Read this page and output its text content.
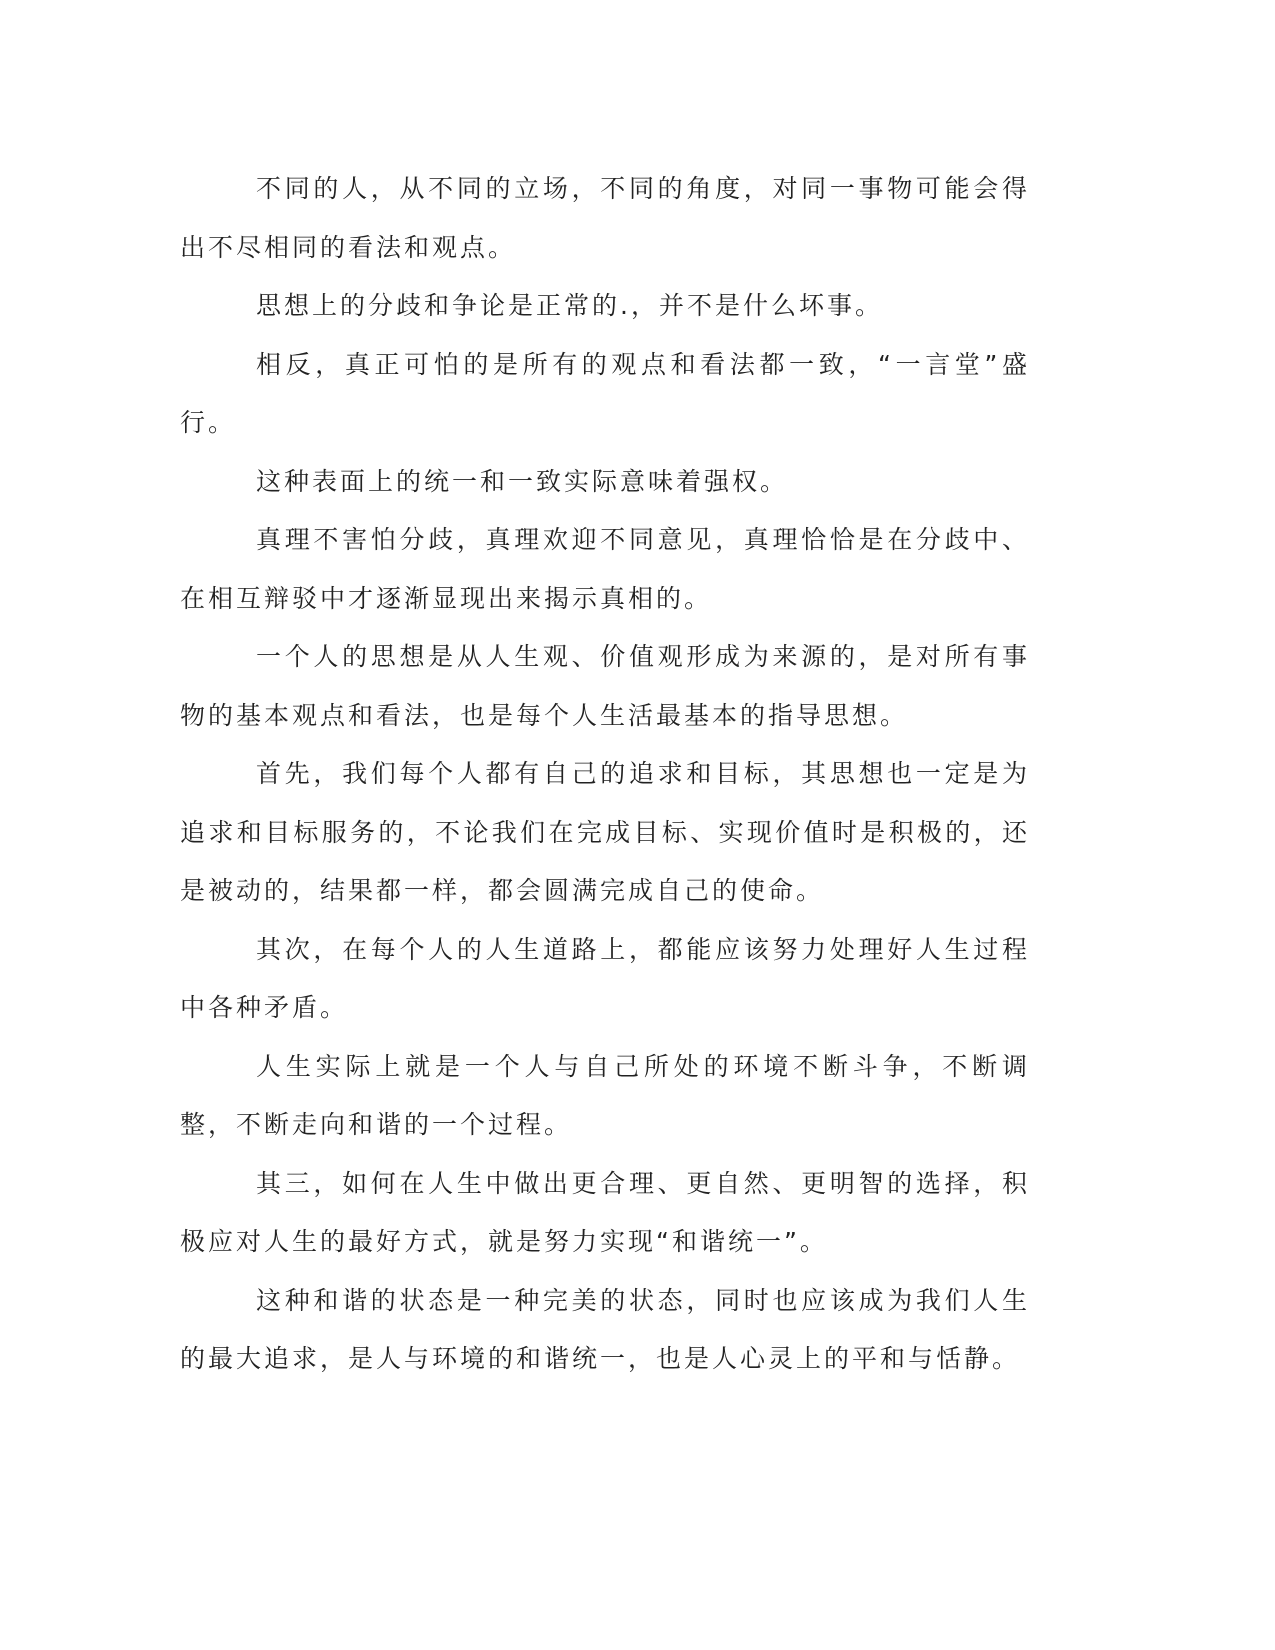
不同的人，从不同的立场，不同的角度，对同一事物可能会得出不尽相同的看法和观点。

思想上的分歧和争论是正常的.，并不是什么坏事。

相反，真正可怕的是所有的观点和看法都一致，“一言堂”盛行。

这种表面上的统一和一致实际意味着强权。

真理不害怕分歧，真理欢迎不同意见，真理恰恰是在分歧中、在相互辩驳中才逐渐显现出来揭示真相的。

一个人的思想是从人生观、价值观形成为来源的，是对所有事物的基本观点和看法，也是每个人生活最基本的指导思想。

首先，我们每个人都有自己的追求和目标，其思想也一定是为追求和目标服务的，不论我们在完成目标、实现价值时是积极的，还是被动的，结果都一样，都会圆满完成自己的使命。

其次，在每个人的人生道路上，都能应该努力处理好人生过程中各种矛盾。

人生实际上就是一个人与自己所处的环境不断斗争，不断调整，不断走向和谐的一个过程。

其三，如何在人生中做出更合理、更自然、更明智的选择，积极应对人生的最好方式，就是努力实现“和谐统一”。

这种和谐的状态是一种完美的状态，同时也应该成为我们人生的最大追求，是人与环境的和谐统一，也是人心灵上的平和与恬静。
